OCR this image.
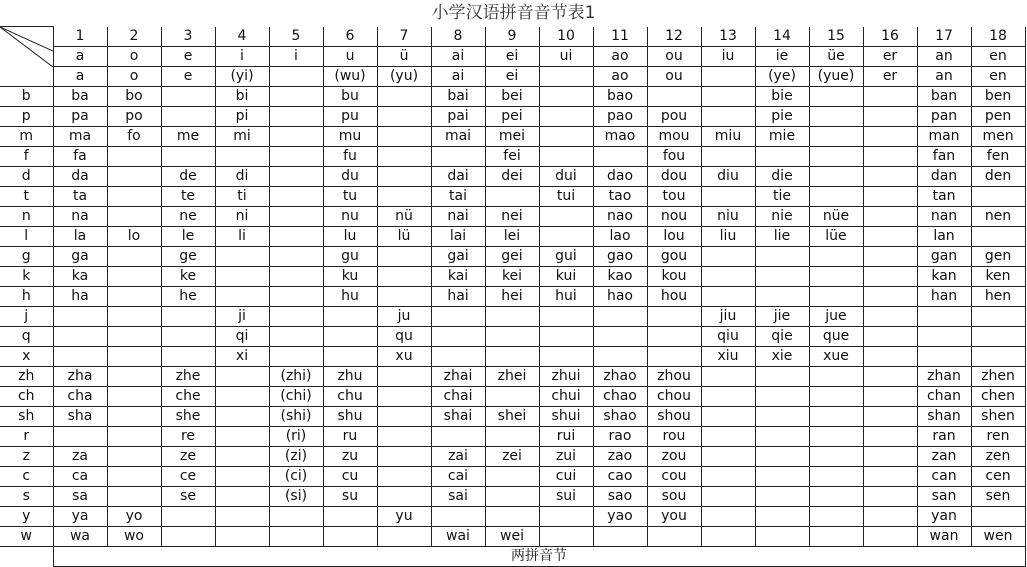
小学汉语拼音音节表1
	1	2	3	4	5	6	7	8	9	10	11	12	13	14	15	16	17	18
	a	o	e	i	i	u	ü	ai	ei	ui	ao	ou	iu	ie	üe	er	an	en
	a	o	e	(yi)		(wu)	(yu)	ai	ei		ao	ou		(ye)	(yue)	er	an	en
b	ba	bo		bi		bu		bai	bei		bao			bie			ban	ben
p	pa	po		pi		pu		pai	pei		pao	pou		pie			pan	pen
m	ma	fo	me	mi		mu		mai	mei		mao	mou	miu	mie			man	men
f	fa					fu			fei			fou					fan	fen
d	da		de	di		du		dai	dei	dui	dao	dou	diu	die			dan	den
t	ta		te	ti		tu		tai		tui	tao	tou		tie			tan	
n	na		ne	ni		nu	nü	nai	nei		nao	nou	niu	nie	nüe		nan	nen
l	la	lo	le	li		lu	lü	lai	lei		lao	lou	liu	lie	lüe		lan	
g	ga		ge			gu		gai	gei	gui	gao	gou					gan	gen
k	ka		ke			ku		kai	kei	kui	kao	kou					kan	ken
h	ha		he			hu		hai	hei	hui	hao	hou					han	hen
j				ji			ju						jiu	jie	jue			
q				qi			qu						qiu	qie	que			
x				xi			xu						xiu	xie	xue			
zh	zha		zhe		(zhi)	zhu		zhai	zhei	zhui	zhao	zhou					zhan	zhen
ch	cha		che		(chi)	chu		chai		chui	chao	chou					chan	chen
sh	sha		she		(shi)	shu		shai	shei	shui	shao	shou					shan	shen
r			re		(ri)	ru				rui	rao	rou					ran	ren
z	za		ze		(zi)	zu		zai	zei	zui	zao	zou					zan	zen
c	ca		ce		(ci)	cu		cai		cui	cao	cou					can	cen
s	sa		se		(si)	su		sai		sui	sao	sou					san	sen
y	ya	yo					yu				yao	you					yan	
w	wa	wo						wai	wei								wan	wen
	两拼音节																	
